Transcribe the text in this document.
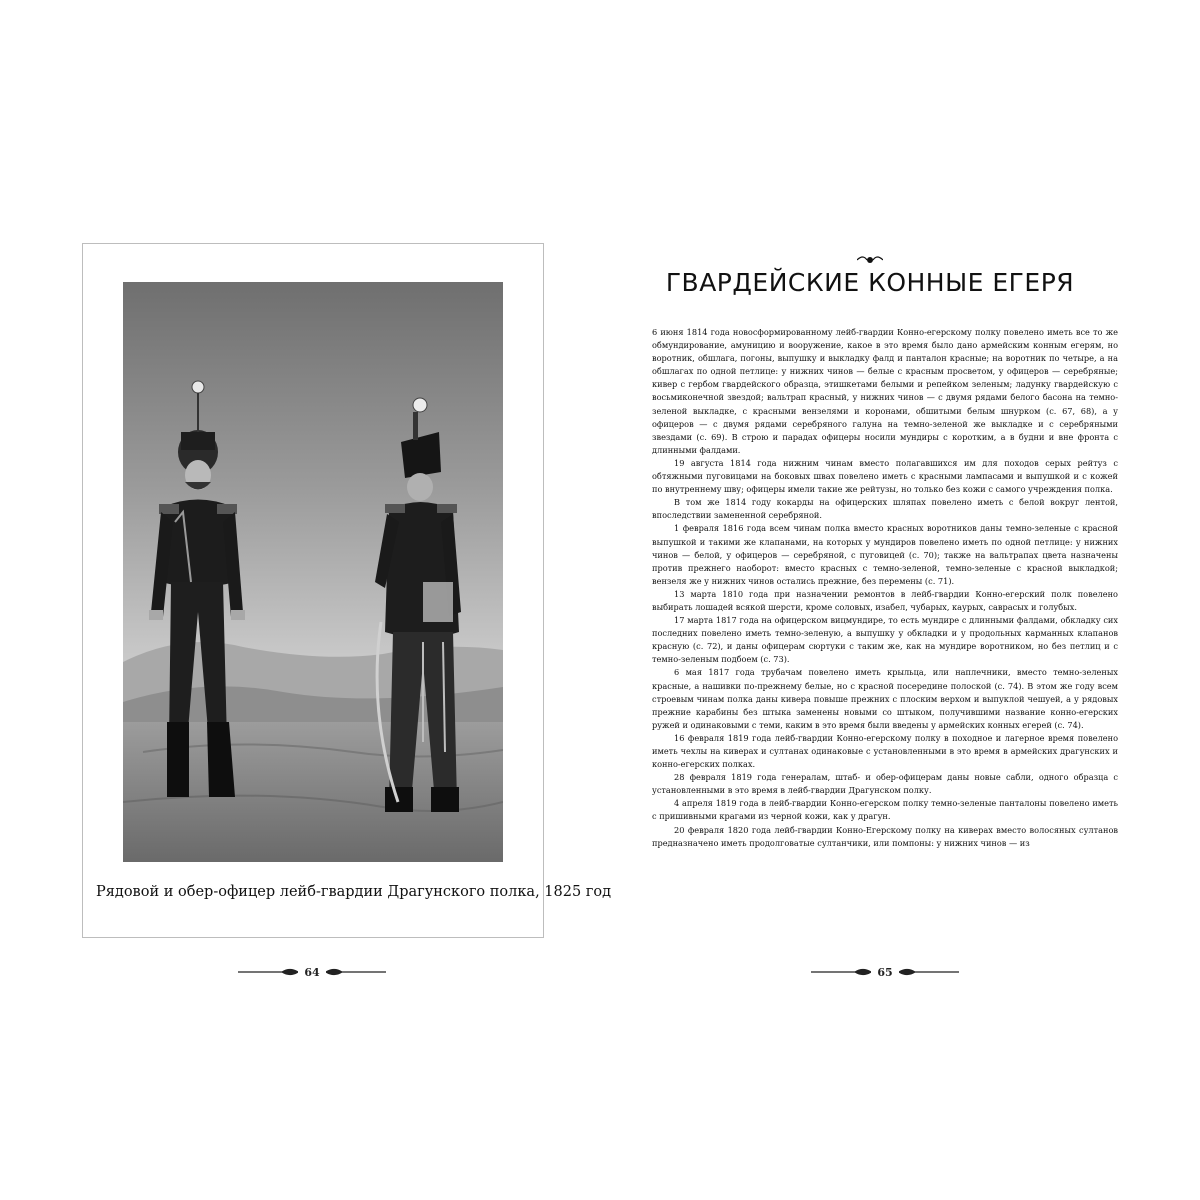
Рядовой и обер-офицер лейб-гвардии Драгунского полка, 1825 год
64
ГВАРДЕЙСКИЕ КОННЫЕ ЕГЕРЯ

6 июня 1814 года новосформированному лейб-гвардии Конно-егерскому полку повелено иметь все то же обмундирование, амуницию и вооружение, какое в это время было дано армейским конным егерям, но воротник, обшлага, погоны, выпушку и выкладку фалд и панталон красные; на воротник по четыре, а на обшлагах по одной петлице: у нижних чинов — белые с красным просветом, у офицеров — серебряные; кивер с гербом гвардейского образца, этишкетами белыми и репейком зеленым; ладунку гвардейскую с восьмиконечной звездой; вальтрап красный, у нижних чинов — с двумя рядами белого басона на темно-зеленой выкладке, с красными вензелями и коронами, обшитыми белым шнурком (с. 67, 68), а у офицеров — с двумя рядами серебряного галуна на темно-зеленой же выкладке и с серебряными звездами (с. 69). В строю и парадах офицеры носили мундиры с коротким, а в будни и вне фронта с длинными фалдами.

19 августа 1814 года нижним чинам вместо полагавшихся им для походов серых рейтуз с обтяжными пуговицами на боковых швах повелено иметь с красными лампасами и выпушкой и с кожей по внутреннему шву; офицеры имели такие же рейтузы, но только без кожи с самого учреждения полка.

В том же 1814 году кокарды на офицерских шляпах повелено иметь с белой вокруг лентой, впоследствии замененной серебряной.

1 февраля 1816 года всем чинам полка вместо красных воротников даны темно-зеленые с красной выпушкой и такими же клапанами, на которых у мундиров повелено иметь по одной петлице: у нижних чинов — белой, у офицеров — серебряной, с пуговицей (с. 70); также на вальтрапах цвета назначены против прежнего наоборот: вместо красных с темно-зеленой, темно-зеленые с красной выкладкой; вензеля же у нижних чинов остались прежние, без перемены (с. 71).

13 марта 1810 года при назначении ремонтов в лейб-гвардии Конно-егерский полк повелено выбирать лошадей всякой шерсти, кроме соловых, изабел, чубарых, каурых, саврасых и голубых.

17 марта 1817 года на офицерском вицмундире, то есть мундире с длинными фалдами, обкладку сих последних повелено иметь темно-зеленую, а выпушку у обкладки и у продольных карманных клапанов красную (с. 72), и даны офицерам сюртуки с таким же, как на мундире воротником, но без петлиц и с темно-зеленым подбоем (с. 73).

6 мая 1817 года трубачам повелено иметь крыльца, или наплечники, вместо темно-зеленых красные, а нашивки по-прежнему белые, но с красной посередине полоской (с. 74). В этом же году всем строевым чинам полка даны кивера повыше прежних с плоским верхом и выпуклой чешуей, а у рядовых прежние карабины без штыка заменены новыми со штыком, получившими название конно-егерских ружей и одинаковыми с теми, каким в это время были введены у армейских конных егерей (с. 74).

16 февраля 1819 года лейб-гвардии Конно-егерскому полку в походное и лагерное время повелено иметь чехлы на киверах и султанах одинаковые с установленными в это время в армейских драгунских и конно-егерских полках.

28 февраля 1819 года генералам, штаб- и обер-офицерам даны новые сабли, одного образца с установленными в это время в лейб-гвардии Драгунском полку.

4 апреля 1819 года в лейб-гвардии Конно-егерском полку темно-зеленые панталоны повелено иметь с пришивными крагами из черной кожи, как у драгун.

20 февраля 1820 года лейб-гвардии Конно-Егерскому полку на киверах вместо волосяных султанов предназначено иметь продолговатые султанчики, или помпоны: у нижних чинов — из

65
